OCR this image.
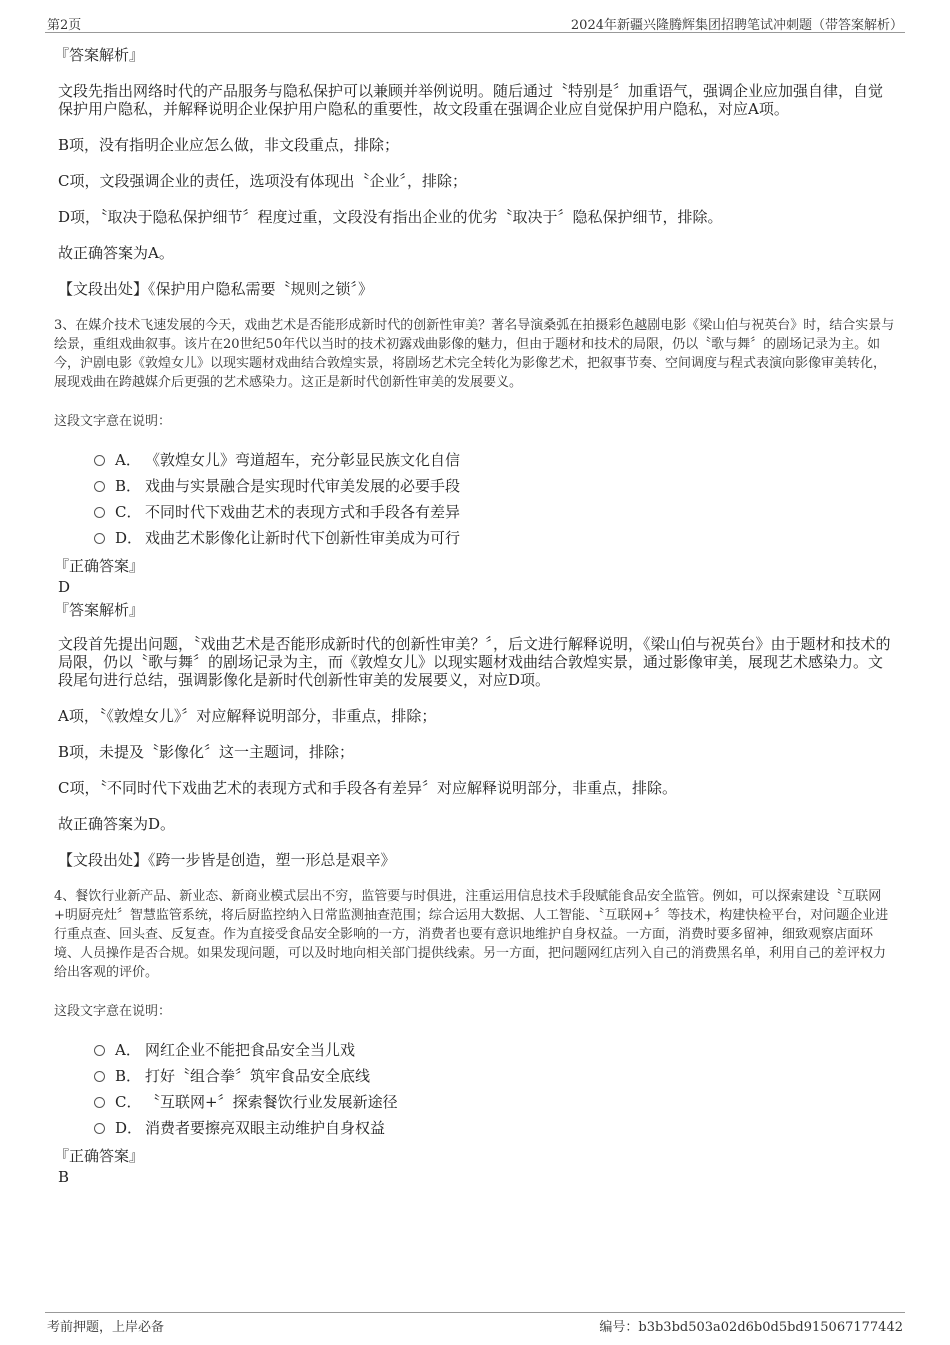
第2页	2024年新疆兴隆腾辉集团招聘笔试冲刺题（带答案解析）

『答案解析』

文段先指出网络时代的产品服务与隐私保护可以兼顾并举例说明。随后通过〝特别是〞加重语气，强调企业应加强自律，自觉保护用户隐私，并解释说明企业保护用户隐私的重要性，故文段重在强调企业应自觉保护用户隐私，对应A项。

B项，没有指明企业应怎么做，非文段重点，排除；

C项，文段强调企业的责任，选项没有体现出〝企业〞，排除；

D项，〝取决于隐私保护细节〞程度过重，文段没有指出企业的优劣〝取决于〞隐私保护细节，排除。

故正确答案为A。

【文段出处】《保护用户隐私需要〝规则之锁〞》

3、在媒介技术飞速发展的今天，戏曲艺术是否能形成新时代的创新性审美？著名导演桑弧在拍摄彩色越剧电影《梁山伯与祝英台》时，结合实景与绘景，重组戏曲叙事。该片在20世纪50年代以当时的技术初露戏曲影像的魅力，但由于题材和技术的局限，仍以〝歌与舞〞的剧场记录为主。如今，沪剧电影《敦煌女儿》以现实题材戏曲结合敦煌实景，将剧场艺术完全转化为影像艺术，把叙事节奏、空间调度与程式表演向影像审美转化，展现戏曲在跨越媒介后更强的艺术感染力。这正是新时代创新性审美的发展要义。

这段文字意在说明：

A． 《敦煌女儿》弯道超车，充分彰显民族文化自信
B． 戏曲与实景融合是实现时代审美发展的必要手段
C． 不同时代下戏曲艺术的表现方式和手段各有差异
D． 戏曲艺术影像化让新时代下创新性审美成为可行

『正确答案』

D

『答案解析』

文段首先提出问题，〝戏曲艺术是否能形成新时代的创新性审美？〞，后文进行解释说明，《梁山伯与祝英台》由于题材和技术的局限，仍以〝歌与舞〞的剧场记录为主，而《敦煌女儿》以现实题材戏曲结合敦煌实景，通过影像审美，展现艺术感染力。文段尾句进行总结，强调影像化是新时代创新性审美的发展要义，对应D项。

A项，〝《敦煌女儿》〞对应解释说明部分，非重点，排除；

B项，未提及〝影像化〞这一主题词，排除；

C项，〝不同时代下戏曲艺术的表现方式和手段各有差异〞对应解释说明部分，非重点，排除。

故正确答案为D。

【文段出处】《跨一步皆是创造，塑一形总是艰辛》

4、餐饮行业新产品、新业态、新商业模式层出不穷，监管要与时俱进，注重运用信息技术手段赋能食品安全监管。例如，可以探索建设〝互联网+明厨亮灶〞智慧监管系统，将后厨监控纳入日常监测抽查范围；综合运用大数据、人工智能、〝互联网+〞等技术，构建快检平台，对问题企业进行重点查、回头查、反复查。作为直接受食品安全影响的一方，消费者也要有意识地维护自身权益。一方面，消费时要多留神，细致观察店面环境、人员操作是否合规。如果发现问题，可以及时地向相关部门提供线索。另一方面，把问题网红店列入自己的消费黑名单，利用自己的差评权力给出客观的评价。

这段文字意在说明：

A． 网红企业不能把食品安全当儿戏
B． 打好〝组合拳〞筑牢食品安全底线
C． 〝互联网+〞探索餐饮行业发展新途径
D． 消费者要擦亮双眼主动维护自身权益

『正确答案』

B

考前押题，上岸必备	编号：b3b3bd503a02d6b0d5bd915067177442
